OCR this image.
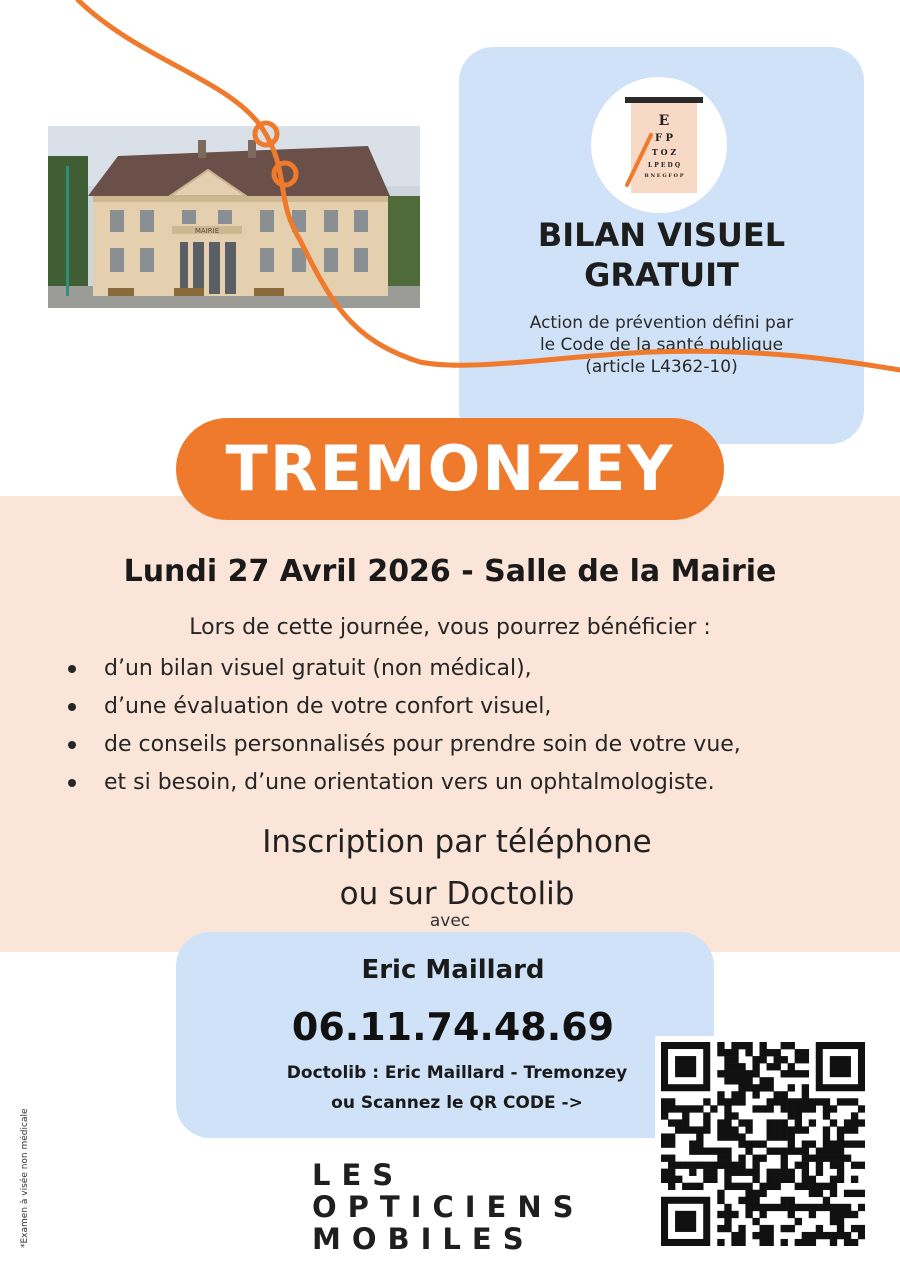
MAIRIE
E
F P
T O Z
L P E D Q
B N E G F O P
BILAN VISUEL
GRATUIT
Action de prévention défini par
le Code de la santé publique
(article L4362-10)
TREMONZEY
Lundi 27 Avril 2026 - Salle de la Mairie
Lors de cette journée, vous pourrez bénéficier :
d’un bilan visuel gratuit (non médical),
d’une évaluation de votre confort visuel,
de conseils personnalisés pour prendre soin de votre vue,
et si besoin, d’une orientation vers un ophtalmologiste.
Inscription par téléphone
ou sur Doctolib
avec
Eric Maillard
06.11.74.48.69
Doctolib : Eric Maillard - Tremonzey
ou Scannez le QR CODE ->
LES
OPTICIENS
MOBILES
*Examen à visée non médicale
